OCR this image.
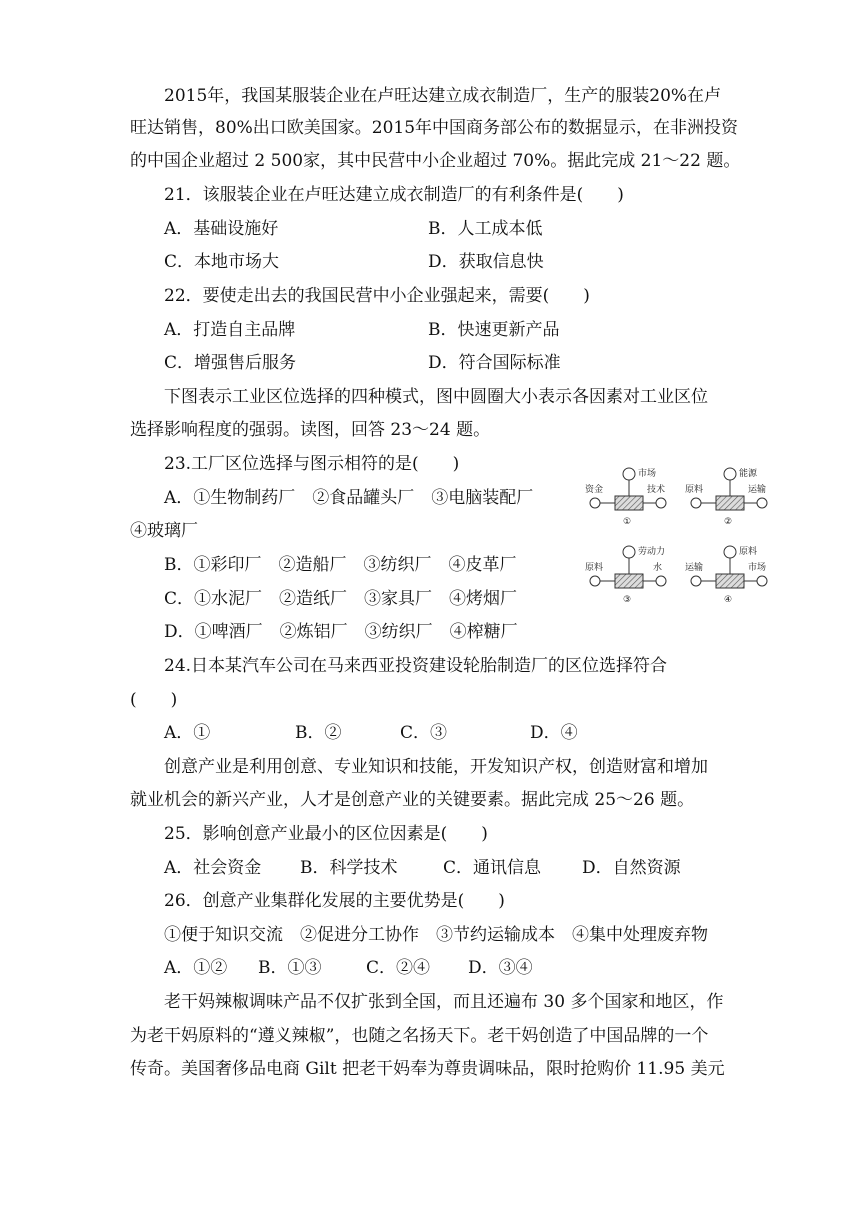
2015年，我国某服装企业在卢旺达建立成衣制造厂，生产的服装20%在卢
旺达销售，80%出口欧美国家。2015年中国商务部公布的数据显示，在非洲投资
的中国企业超过 2 500家，其中民营中小企业超过 70%。据此完成 21～22 题。
21．该服装企业在卢旺达建立成衣制造厂的有利条件是(　　)
A．基础设施好	B．人工成本低
C．本地市场大	D．获取信息快
22．要使走出去的我国民营中小企业强起来，需要(　　)
A．打造自主品牌	B．快速更新产品
C．增强售后服务	D．符合国际标准
下图表示工业区位选择的四种模式，图中圆圈大小表示各因素对工业区位
选择影响程度的强弱。读图，回答 23～24 题。
23.工厂区位选择与图示相符的是(　　)
A．①生物制药厂　②食品罐头厂　③电脑装配厂
④玻璃厂
B．①彩印厂　②造船厂　③纺织厂　④皮革厂
C．①水泥厂　②造纸厂　③家具厂　④烤烟厂
D．①啤酒厂　②炼铝厂　③纺织厂　④榨糖厂
市场
资金	技术
①
能源
原料	运输
②
劳动力
原料	水
③
原料
运输	市场
④
24.日本某汽车公司在马来西亚投资建设轮胎制造厂的区位选择符合
(　　)
A．①	B．②	C．③	D．④
创意产业是利用创意、专业知识和技能，开发知识产权，创造财富和增加
就业机会的新兴产业，人才是创意产业的关键要素。据此完成 25～26 题。
25．影响创意产业最小的区位因素是(　　)
A．社会资金 B．科学技术	C．通讯信息 D．自然资源
26．创意产业集群化发展的主要优势是(　　)
①便于知识交流　②促进分工协作　③节约运输成本　④集中处理废弃物
A．①② B．①③	C．②④ D．③④
老干妈辣椒调味产品不仅扩张到全国，而且还遍布 30 多个国家和地区，作
为老干妈原料的“遵义辣椒”，也随之名扬天下。老干妈创造了中国品牌的一个
传奇。美国奢侈品电商 Gilt 把老干妈奉为尊贵调味品，限时抢购价 11.95 美元
